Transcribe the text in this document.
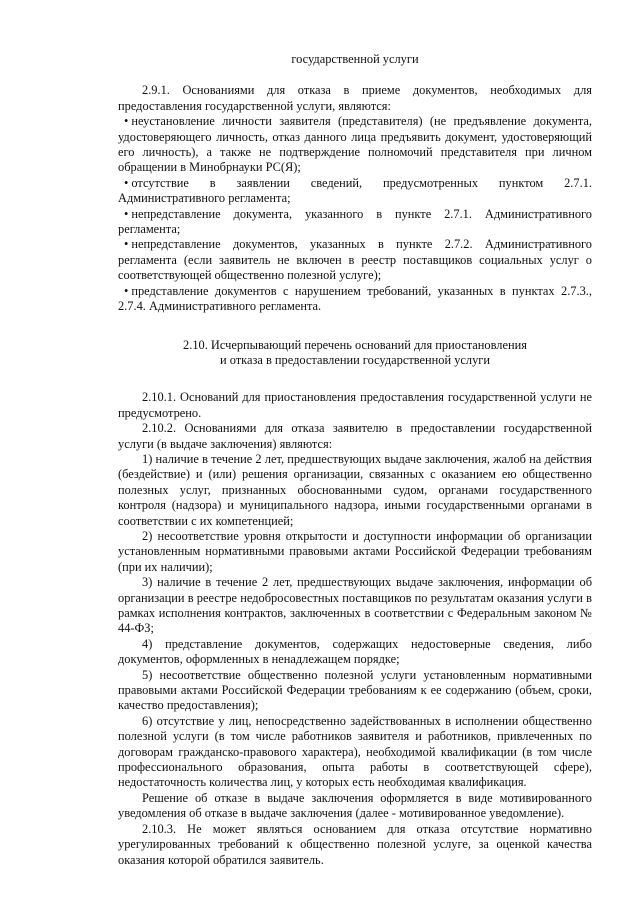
государственной услуги

2.9.1. Основаниями для отказа в приеме документов, необходимых для предоставления государственной услуги, являются:

• неустановление личности заявителя (представителя) (не предъявление документа, удостоверяющего личность, отказ данного лица предъявить документ, удостоверяющий его личность), а также не подтверждение полномочий представителя при личном обращении в Минобрнауки РС(Я);

• отсутствие в заявлении сведений, предусмотренных пунктом 2.7.1. Административного регламента;

• непредставление документа, указанного в пункте 2.7.1. Административного регламента;

• непредставление документов, указанных в пункте 2.7.2. Административного регламента (если заявитель не включен в реестр поставщиков социальных услуг о соответствующей общественно полезной услуге);

• представление документов с нарушением требований, указанных в пунктах 2.7.3., 2.7.4. Административного регламента.

2.10. Исчерпывающий перечень оснований для приостановления
и отказа в предоставлении государственной услуги

2.10.1. Оснований для приостановления предоставления государственной услуги не предусмотрено.

2.10.2. Основаниями для отказа заявителю в предоставлении государственной услуги (в выдаче заключения) являются:

1) наличие в течение 2 лет, предшествующих выдаче заключения, жалоб на действия (бездействие) и (или) решения организации, связанных с оказанием ею общественно полезных услуг, признанных обоснованными судом, органами государственного контроля (надзора) и муниципального надзора, иными государственными органами в соответствии с их компетенцией;

2) несоответствие уровня открытости и доступности информации об организации установленным нормативными правовыми актами Российской Федерации требованиям (при их наличии);

3) наличие в течение 2 лет, предшествующих выдаче заключения, информации об организации в реестре недобросовестных поставщиков по результатам оказания услуги в рамках исполнения контрактов, заключенных в соответствии с Федеральным законом № 44-ФЗ;

4) представление документов, содержащих недостоверные сведения, либо документов, оформленных в ненадлежащем порядке;

5) несоответствие общественно полезной услуги установленным нормативными правовыми актами Российской Федерации требованиям к ее содержанию (объем, сроки, качество предоставления);

6) отсутствие у лиц, непосредственно задействованных в исполнении общественно полезной услуги (в том числе работников заявителя и работников, привлеченных по договорам гражданско-правового характера), необходимой квалификации (в том числе профессионального образования, опыта работы в соответствующей сфере), недостаточность количества лиц, у которых есть необходимая квалификация.

Решение об отказе в выдаче заключения оформляется в виде мотивированного уведомления об отказе в выдаче заключения (далее - мотивированное уведомление).

2.10.3. Не может являться основанием для отказа отсутствие нормативно урегулированных требований к общественно полезной услуге, за оценкой качества оказания которой обратился заявитель.
